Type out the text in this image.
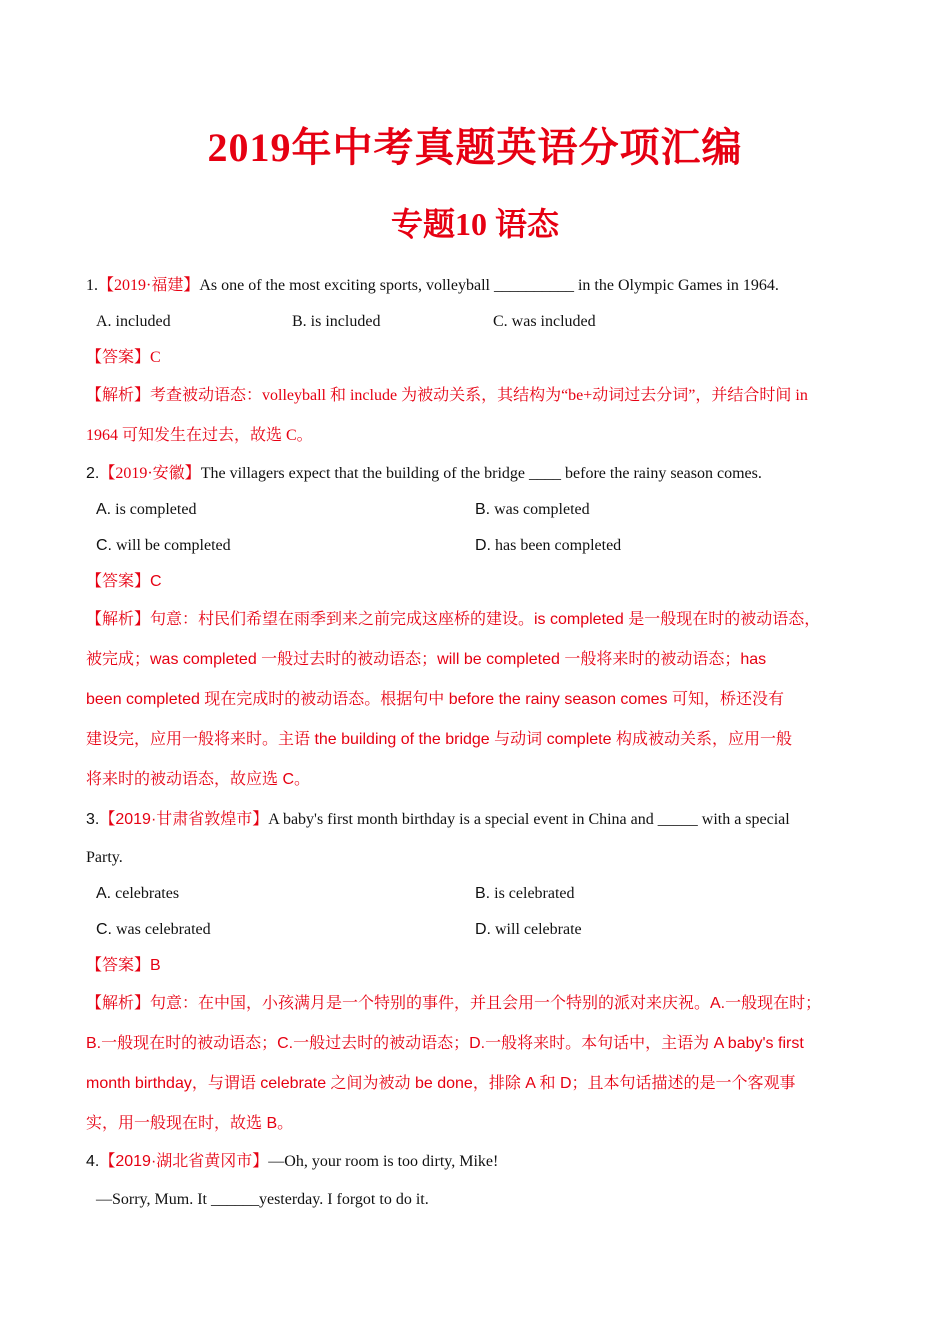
2019年中考真题英语分项汇编
专题10 语态
1.【2019·福建】As one of the most exciting sports, volleyball __________ in the Olympic Games in 1964.
A. included	B. is included	C. was included
【答案】C

【解析】考查被动语态：volleyball 和 include 为被动关系，其结构为“be+动词过去分词”，并结合时间 in
1964 可知发生在过去，故选 C。

2.【2019·安徽】The villagers expect that the building of the bridge ____ before the rainy season comes.
A. is completed	B. was completed
C. will be completed	D. has been completed
【答案】C

【解析】句意：村民们希望在雨季到来之前完成这座桥的建设。is completed 是一般现在时的被动语态，
被完成；was completed 一般过去时的被动语态；will be completed 一般将来时的被动语态；has
been completed 现在完成时的被动语态。根据句中 before the rainy season comes 可知，桥还没有
建设完，应用一般将来时。主语 the building of the bridge 与动词 complete 构成被动关系，应用一般
将来时的被动语态，故应选 C。

3.【2019·甘肃省敦煌市】A baby's first month birthday is a special event in China and _____ with a special
Party.
A. celebrates	B. is celebrated
C. was celebrated	D. will celebrate
【答案】B

【解析】句意：在中国，小孩满月是一个特别的事件，并且会用一个特别的派对来庆祝。A.一般现在时；
B.一般现在时的被动语态；C.一般过去时的被动语态；D.一般将来时。本句话中，主语为 A baby's first
month birthday，与谓语 celebrate 之间为被动 be done，排除 A 和 D；且本句话描述的是一个客观事
实，用一般现在时，故选 B。

4.【2019·湖北省黄冈市】—Oh, your room is too dirty, Mike!
—Sorry, Mum. It ______yesterday. I forgot to do it.
